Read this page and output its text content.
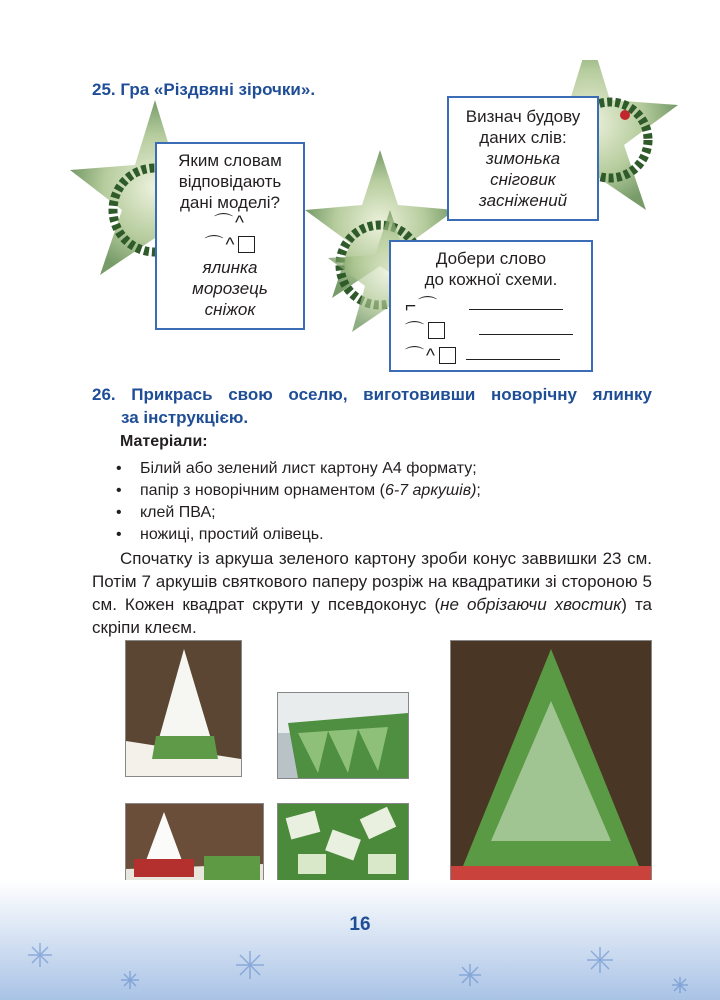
25. Гра «Різдвяні зірочки».
Яким словам
відповідають
дані моделі?
⌒^
⌒^
ялинка
морозець
сніжок
Визнач будову
даних слів:
зимонька
сніговик
засніжений
Добери слово
до кожної схеми.
⌐⌒
⌒
⌒^
26. Прикрась свою оселю, виготовивши новорічну ялинку
за інструкцією.
Матеріали:
• Білий або зелений лист картону А4 формату;
• папір з новорічним орнаментом (6-7 аркушів);
• клей ПВА;
• ножиці, простий олівець.
Спочатку із аркуша зеленого картону зроби конус заввишки 23 см. Потім 7 аркушів святкового паперу розріж на квадратики зі стороною 5 см. Кожен квадрат скрути у псевдоконус (не обрізаючи хвостик) та скріпи клеєм.
16
